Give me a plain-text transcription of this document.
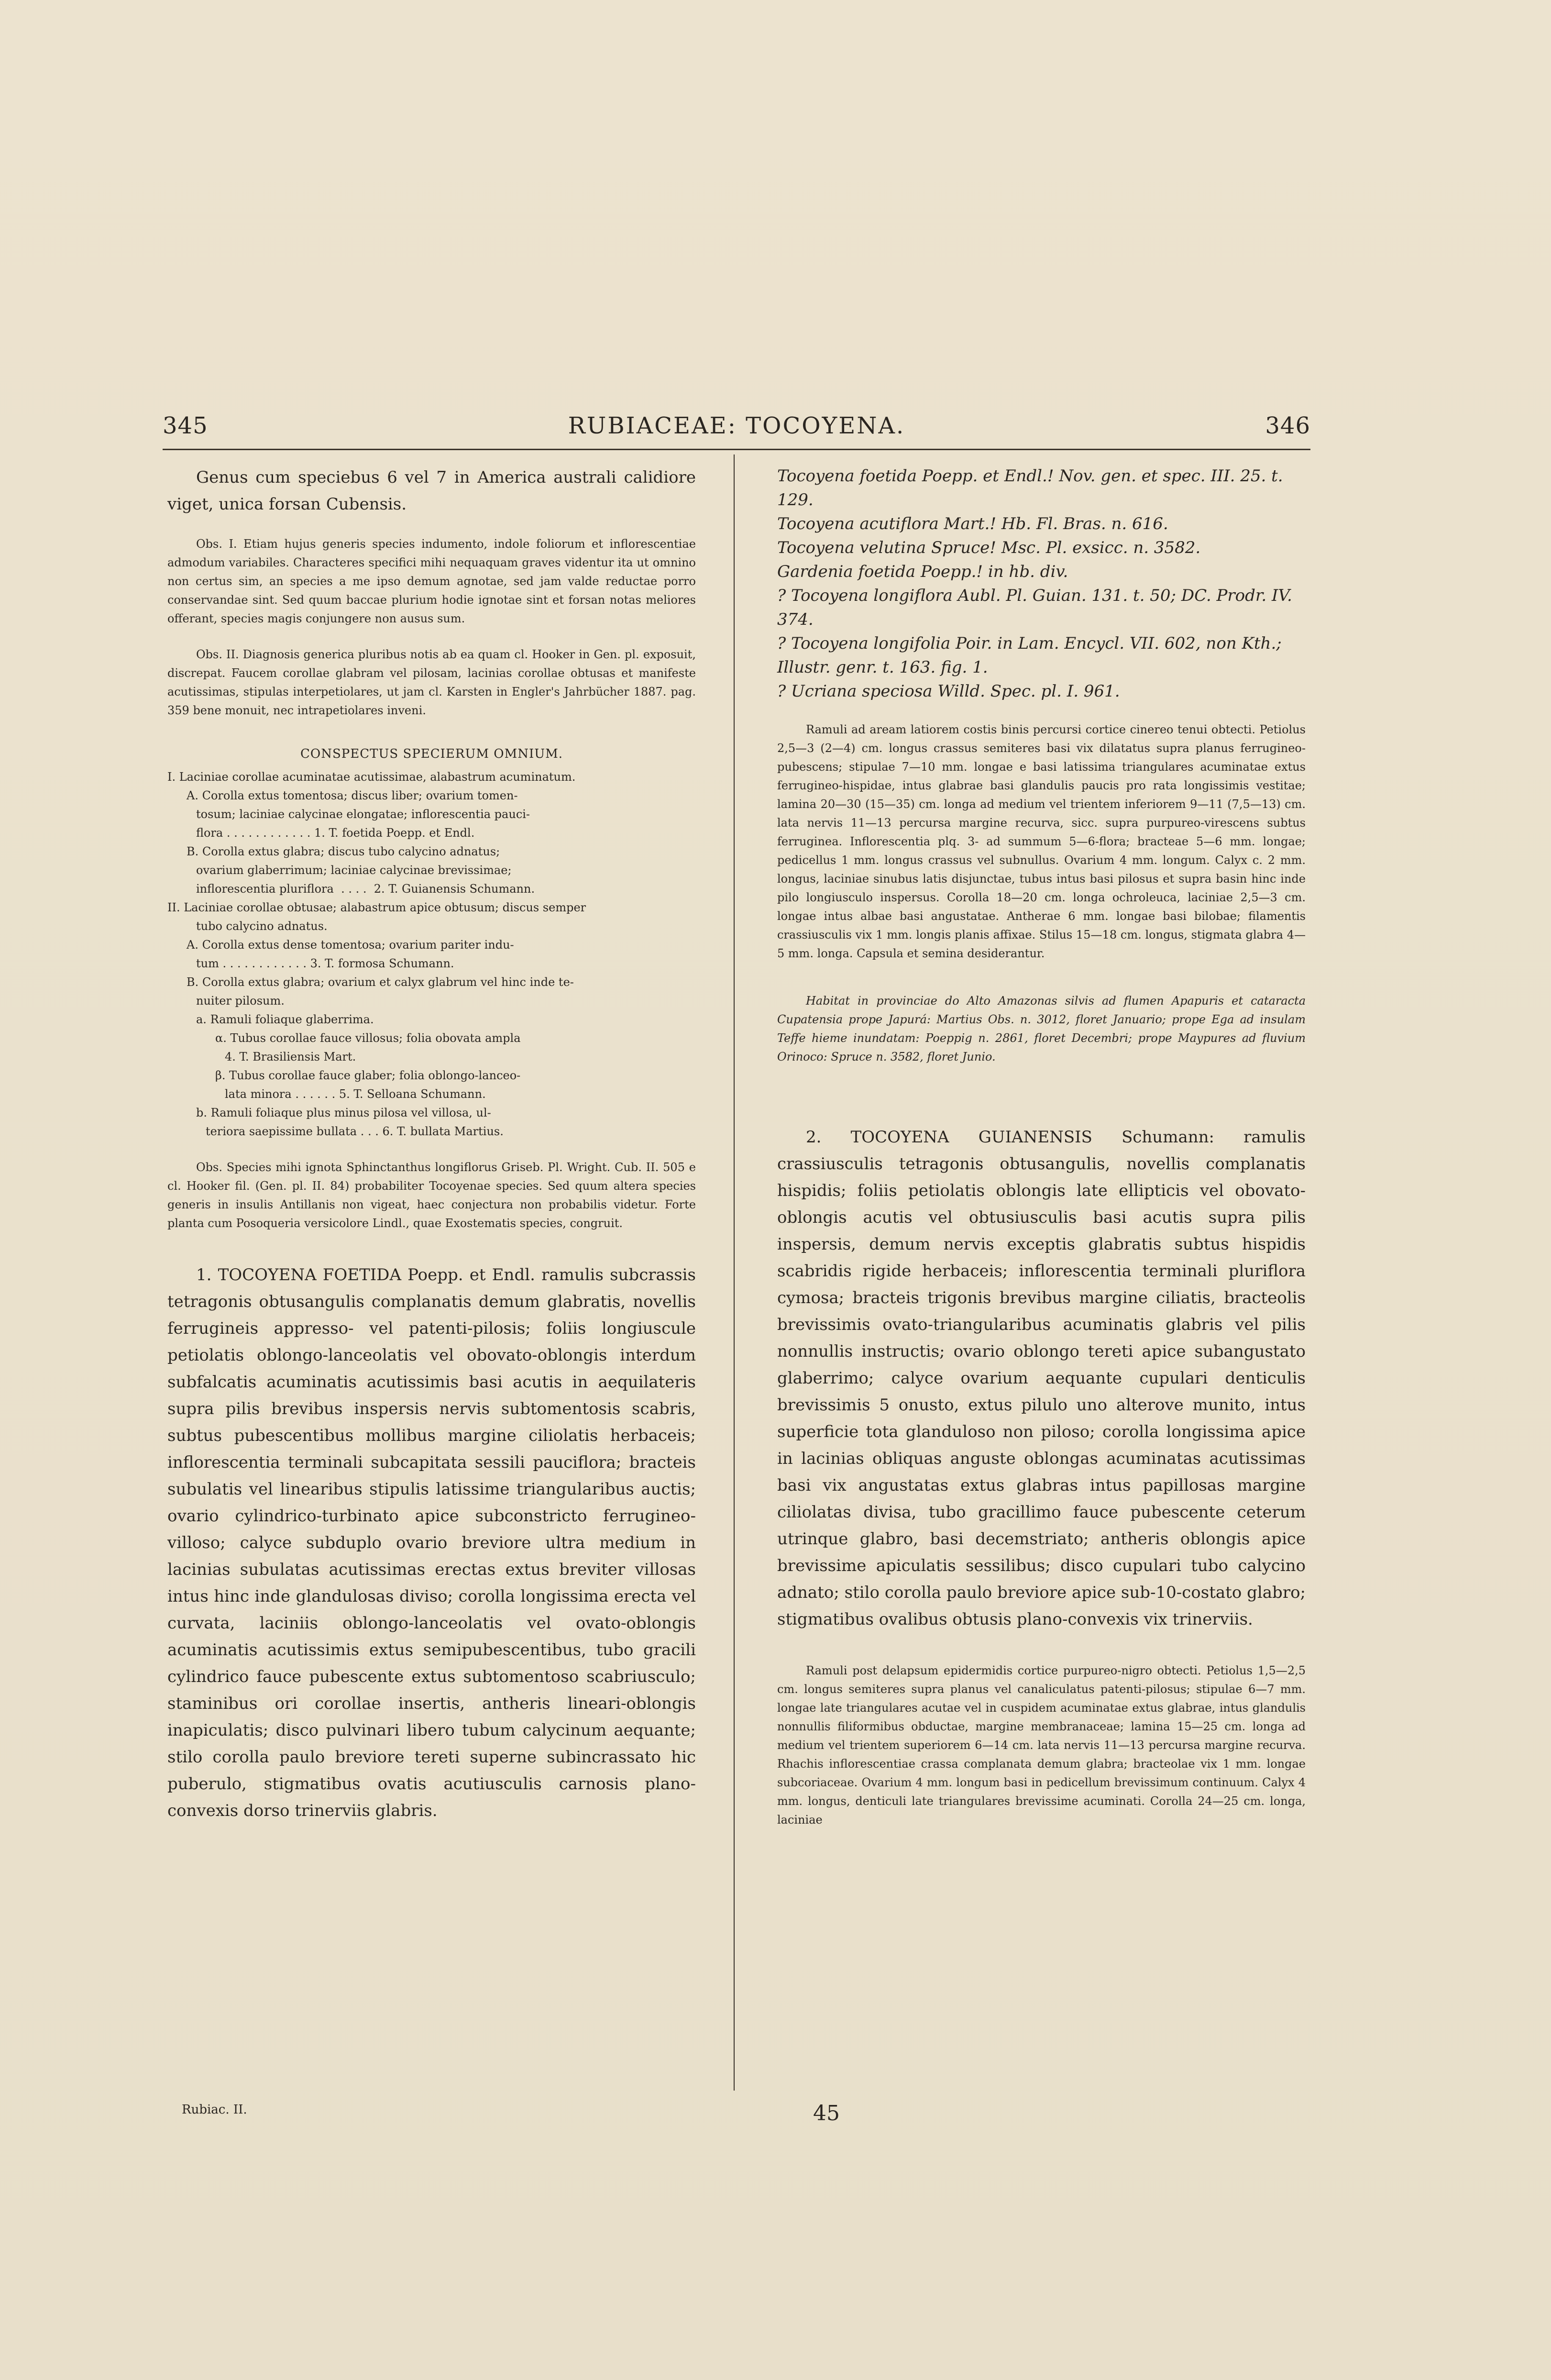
345	RUBIACEAE: TOCOYENA.	346

Genus cum speciebus 6 vel 7 in America australi calidiore viget, unica forsan Cubensis.

Obs. I. Etiam hujus generis species indumento, indole foliorum et inflorescentiae admodum variabiles. Characteres specifici mihi nequaquam graves videntur ita ut omnino non certus sim, an species a me ipso demum agnotae, sed jam valde reductae porro conservandae sint. Sed quum baccae plurium hodie ignotae sint et forsan notas meliores offerant, species magis conjungere non ausus sum.

Obs. II. Diagnosis generica pluribus notis ab ea quam cl. Hooker in Gen. pl. exposuit, discrepat. Faucem corollae glabram vel pilosam, lacinias corollae obtusas et manifeste acutissimas, stipulas interpetiolares, ut jam cl. Karsten in Engler's Jahrbücher 1887. pag. 359 bene monuit, nec intrapetiolares inveni.

CONSPECTUS SPECIERUM OMNIUM.
I. Laciniae corollae acuminatae acutissimae, alabastrum acuminatum.
A. Corolla extus tomentosa; discus liber; ovarium tomen-
tosum; laciniae calycinae elongatae; inflorescentia pauci-
flora . . . . . . . . . . . . 1. T. foetida Poepp. et Endl.
B. Corolla extus glabra; discus tubo calycino adnatus;
ovarium glaberrimum; laciniae calycinae brevissimae;
inflorescentia pluriflora . . . . 2. T. Guianensis Schumann.
II. Laciniae corollae obtusae; alabastrum apice obtusum; discus semper
tubo calycino adnatus.
A. Corolla extus dense tomentosa; ovarium pariter indu-
tum . . . . . . . . . . . . 3. T. formosa Schumann.
B. Corolla extus glabra; ovarium et calyx glabrum vel hinc inde te-
nuiter pilosum.
a. Ramuli foliaque glaberrima.
α. Tubus corollae fauce villosus; folia obovata ampla
4. T. Brasiliensis Mart.
β. Tubus corollae fauce glaber; folia oblongo-lanceo-
lata minora . . . . . . 5. T. Selloana Schumann.
b. Ramuli foliaque plus minus pilosa vel villosa, ul-
teriora saepissime bullata . . . 6. T. bullata Martius.

Obs. Species mihi ignota Sphinctanthus longiflorus Griseb. Pl. Wright. Cub. II. 505 e cl. Hooker fil. (Gen. pl. II. 84) probabiliter Tocoyenae species. Sed quum altera species generis in insulis Antillanis non vigeat, haec conjectura non probabilis videtur. Forte planta cum Posoqueria versicolore Lindl., quae Exostematis species, congruit.

1. TOCOYENA FOETIDA Poepp. et Endl. ramulis subcrassis tetragonis obtusangulis complanatis demum glabratis, novellis ferrugineis appresso- vel patenti-pilosis; foliis longiuscule petiolatis oblongo-lanceolatis vel obovato-oblongis interdum subfalcatis acuminatis acutissimis basi acutis in aequilateris supra pilis brevibus inspersis nervis subtomentosis scabris, subtus pubescentibus mollibus margine ciliolatis herbaceis; inflorescentia terminali subcapitata sessili pauciflora; bracteis subulatis vel linearibus stipulis latissime triangularibus auctis; ovario cylindrico-turbinato apice subconstricto ferrugineo-villoso; calyce subduplo ovario breviore ultra medium in lacinias subulatas acutissimas erectas extus breviter villosas intus hinc inde glandulosas diviso; corolla longissima erecta vel curvata, laciniis oblongo-lanceolatis vel ovato-oblongis acuminatis acutissimis extus semipubescentibus, tubo gracili cylindrico fauce pubescente extus subtomentoso scabriusculo; staminibus ori corollae insertis, antheris lineari-oblongis inapiculatis; disco pulvinari libero tubum calycinum aequante; stilo corolla paulo breviore tereti superne subincrassato hic puberulo, stigmatibus ovatis acutiusculis carnosis plano-convexis dorso trinerviis glabris.

Tocoyena foetida Poepp. et Endl.! Nov. gen. et spec. III. 25. t. 129.
Tocoyena acutiflora Mart.! Hb. Fl. Bras. n. 616.
Tocoyena velutina Spruce! Msc. Pl. exsicc. n. 3582.
Gardenia foetida Poepp.! in hb. div.
? Tocoyena longiflora Aubl. Pl. Guian. 131. t. 50; DC. Prodr. IV. 374.
? Tocoyena longifolia Poir. in Lam. Encycl. VII. 602, non Kth.; Illustr. genr. t. 163. fig. 1.
? Ucriana speciosa Willd. Spec. pl. I. 961.

Ramuli ad aream latiorem costis binis percursi cortice cinereo tenui obtecti. Petiolus 2,5—3 (2—4) cm. longus crassus semiteres basi vix dilatatus supra planus ferrugineo-pubescens; stipulae 7—10 mm. longae e basi latissima triangulares acuminatae extus ferrugineo-hispidae, intus glabrae basi glandulis paucis pro rata longissimis vestitae; lamina 20—30 (15—35) cm. longa ad medium vel trientem inferiorem 9—11 (7,5—13) cm. lata nervis 11—13 percursa margine recurva, sicc. supra purpureo-virescens subtus ferruginea. Inflorescentia plq. 3- ad summum 5—6-flora; bracteae 5—6 mm. longae; pedicellus 1 mm. longus crassus vel subnullus. Ovarium 4 mm. longum. Calyx c. 2 mm. longus, laciniae sinubus latis disjunctae, tubus intus basi pilosus et supra basin hinc inde pilo longiusculo inspersus. Corolla 18—20 cm. longa ochroleuca, laciniae 2,5—3 cm. longae intus albae basi angustatae. Antherae 6 mm. longae basi bilobae; filamentis crassiusculis vix 1 mm. longis planis affixae. Stilus 15—18 cm. longus, stigmata glabra 4—5 mm. longa. Capsula et semina desiderantur.

Habitat in provinciae do Alto Amazonas silvis ad flumen Apapuris et cataracta Cupatensia prope Japurá: Martius Obs. n. 3012, floret Januario; prope Ega ad insulam Teffe hieme inundatam: Poeppig n. 2861, floret Decembri; prope Maypures ad fluvium Orinoco: Spruce n. 3582, floret Junio.

2. TOCOYENA GUIANENSIS Schumann: ramulis crassiusculis tetragonis obtusangulis, novellis complanatis hispidis; foliis petiolatis oblongis late ellipticis vel obovato-oblongis acutis vel obtusiusculis basi acutis supra pilis inspersis, demum nervis exceptis glabratis subtus hispidis scabridis rigide herbaceis; inflorescentia terminali pluriflora cymosa; bracteis trigonis brevibus margine ciliatis, bracteolis brevissimis ovato-triangularibus acuminatis glabris vel pilis nonnullis instructis; ovario oblongo tereti apice subangustato glaberrimo; calyce ovarium aequante cupulari denticulis brevissimis 5 onusto, extus pilulo uno alterove munito, intus superficie tota glanduloso non piloso; corolla longissima apice in lacinias obliquas anguste oblongas acuminatas acutissimas basi vix angustatas extus glabras intus papillosas margine ciliolatas divisa, tubo gracillimo fauce pubescente ceterum utrinque glabro, basi decemstriato; antheris oblongis apice brevissime apiculatis sessilibus; disco cupulari tubo calycino adnato; stilo corolla paulo breviore apice sub-10-costato glabro; stigmatibus ovalibus obtusis plano-convexis vix trinerviis.

Ramuli post delapsum epidermidis cortice purpureo-nigro obtecti. Petiolus 1,5—2,5 cm. longus semiteres supra planus vel canaliculatus patenti-pilosus; stipulae 6—7 mm. longae late triangulares acutae vel in cuspidem acuminatae extus glabrae, intus glandulis nonnullis filiformibus obductae, margine membranaceae; lamina 15—25 cm. longa ad medium vel trientem superiorem 6—14 cm. lata nervis 11—13 percursa margine recurva. Rhachis inflorescentiae crassa complanata demum glabra; bracteolae vix 1 mm. longae subcoriaceae. Ovarium 4 mm. longum basi in pedicellum brevissimum continuum. Calyx 4 mm. longus, denticuli late triangulares brevissime acuminati. Corolla 24—25 cm. longa, laciniae

Rubiac. II.	45
